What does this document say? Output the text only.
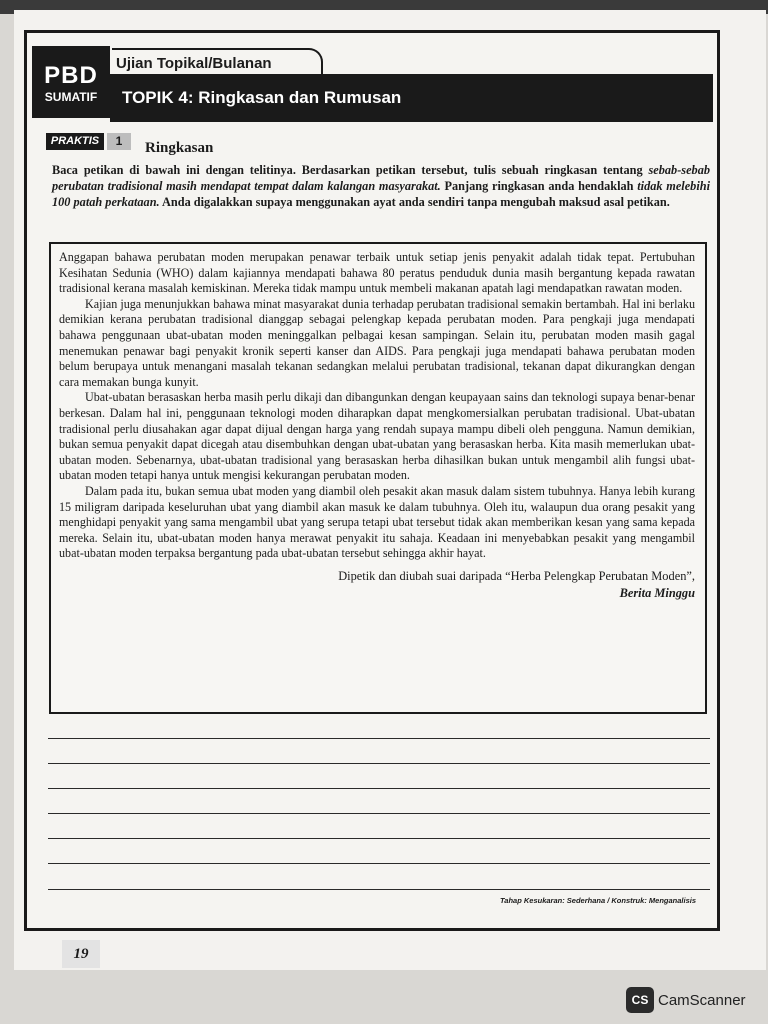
PBD
SUMATIF
Ujian Topikal/Bulanan
TOPIK 4: Ringkasan dan Rumusan
PRAKTIS	1	Ringkasan
Baca petikan di bawah ini dengan telitinya. Berdasarkan petikan tersebut, tulis sebuah ringkasan tentang sebab-sebab perubatan tradisional masih mendapat tempat dalam kalangan masyarakat. Panjang ringkasan anda hendaklah tidak melebihi 100 patah perkataan. Anda digalakkan supaya menggunakan ayat anda sendiri tanpa mengubah maksud asal petikan.

Anggapan bahawa perubatan moden merupakan penawar terbaik untuk setiap jenis penyakit adalah tidak tepat. Pertubuhan Kesihatan Sedunia (WHO) dalam kajiannya mendapati bahawa 80 peratus penduduk dunia masih bergantung kepada rawatan tradisional kerana masalah kemiskinan. Mereka tidak mampu untuk membeli makanan apatah lagi mendapatkan rawatan moden.

Kajian juga menunjukkan bahawa minat masyarakat dunia terhadap perubatan tradisional semakin bertambah. Hal ini berlaku demikian kerana perubatan tradisional dianggap sebagai pelengkap kepada perubatan moden. Para pengkaji juga mendapati bahawa penggunaan ubat-ubatan moden meninggalkan pelbagai kesan sampingan. Selain itu, perubatan moden masih gagal menemukan penawar bagi penyakit kronik seperti kanser dan AIDS. Para pengkaji juga mendapati bahawa perubatan moden belum berupaya untuk menangani masalah tekanan sedangkan melalui perubatan tradisional, tekanan dapat dikurangkan dengan cara memakan bunga kunyit.

Ubat-ubatan berasaskan herba masih perlu dikaji dan dibangunkan dengan keupayaan sains dan teknologi supaya benar-benar berkesan. Dalam hal ini, penggunaan teknologi moden diharapkan dapat mengkomersialkan perubatan tradisional. Ubat-ubatan tradisional perlu diusahakan agar dapat dijual dengan harga yang rendah supaya mampu dibeli oleh pengguna. Namun demikian, bukan semua penyakit dapat dicegah atau disembuhkan dengan ubat-ubatan yang berasaskan herba. Kita masih memerlukan ubat-ubatan moden. Sebenarnya, ubat-ubatan tradisional yang berasaskan herba dihasilkan bukan untuk mengambil alih fungsi ubat-ubatan moden tetapi hanya untuk mengisi kekurangan perubatan moden.

Dalam pada itu, bukan semua ubat moden yang diambil oleh pesakit akan masuk dalam sistem tubuhnya. Hanya lebih kurang 15 miligram daripada keseluruhan ubat yang diambil akan masuk ke dalam tubuhnya. Oleh itu, walaupun dua orang pesakit yang menghidapi penyakit yang sama mengambil ubat yang serupa tetapi ubat tersebut tidak akan memberikan kesan yang sama kepada mereka. Selain itu, ubat-ubatan moden hanya merawat penyakit itu sahaja. Keadaan ini menyebabkan pesakit yang mengambil ubat-ubatan moden terpaksa bergantung pada ubat-ubatan tersebut sehingga akhir hayat.

Dipetik dan diubah suai daripada “Herba Pelengkap Perubatan Moden”,
Berita Minggu
Tahap Kesukaran: Sederhana / Konstruk: Menganalisis
19
CS CamScanner
